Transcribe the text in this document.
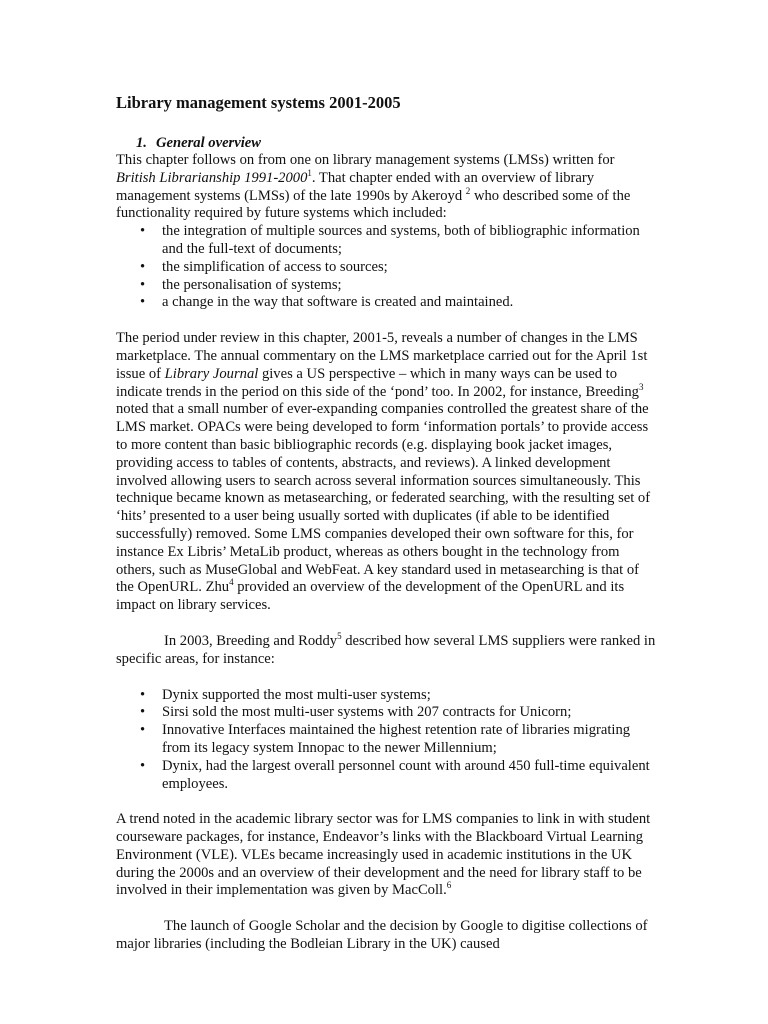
Library management systems 2001-2005
1. General overview

This chapter follows on from one on library management systems (LMSs) written for British Librarianship 1991-2000$^1$. That chapter ended with an overview of library management systems (LMSs) of the late 1990s by Akeroyd $^2$ who described some of the functionality required by future systems which included:

• the integration of multiple sources and systems, both of bibliographic information and the full-text of documents;
• the simplification of access to sources;
• the personalisation of systems;
• a change in the way that software is created and maintained.

The period under review in this chapter, 2001-5, reveals a number of changes in the LMS marketplace. The annual commentary on the LMS marketplace carried out for the April 1st issue of Library Journal gives a US perspective – which in many ways can be used to indicate trends in the period on this side of the ‘pond’ too. In 2002, for instance, Breeding$^3$ noted that a small number of ever-expanding companies controlled the greatest share of the LMS market. OPACs were being developed to form ‘information portals’ to provide access to more content than basic bibliographic records (e.g. displaying book jacket images, providing access to tables of contents, abstracts, and reviews). A linked development involved allowing users to search across several information sources simultaneously. This technique became known as metasearching, or federated searching, with the resulting set of ‘hits’ presented to a user being usually sorted with duplicates (if able to be identified successfully) removed. Some LMS companies developed their own software for this, for instance Ex Libris’ MetaLib product, whereas as others bought in the technology from others, such as MuseGlobal and WebFeat. A key standard used in metasearching is that of the OpenURL. Zhu$^4$ provided an overview of the development of the OpenURL and its impact on library services.

In 2003, Breeding and Roddy$^5$ described how several LMS suppliers were ranked in specific areas, for instance:

• Dynix supported the most multi-user systems;
• Sirsi sold the most multi-user systems with 207 contracts for Unicorn;
• Innovative Interfaces maintained the highest retention rate of libraries migrating from its legacy system Innopac to the newer Millennium;
• Dynix, had the largest overall personnel count with around 450 full-time equivalent employees.

A trend noted in the academic library sector was for LMS companies to link in with student courseware packages, for instance, Endeavor’s links with the Blackboard Virtual Learning Environment (VLE). VLEs became increasingly used in academic institutions in the UK during the 2000s and an overview of their development and the need for library staff to be involved in their implementation was given by MacColl.$^6$

The launch of Google Scholar and the decision by Google to digitise collections of major libraries (including the Bodleian Library in the UK) caused
